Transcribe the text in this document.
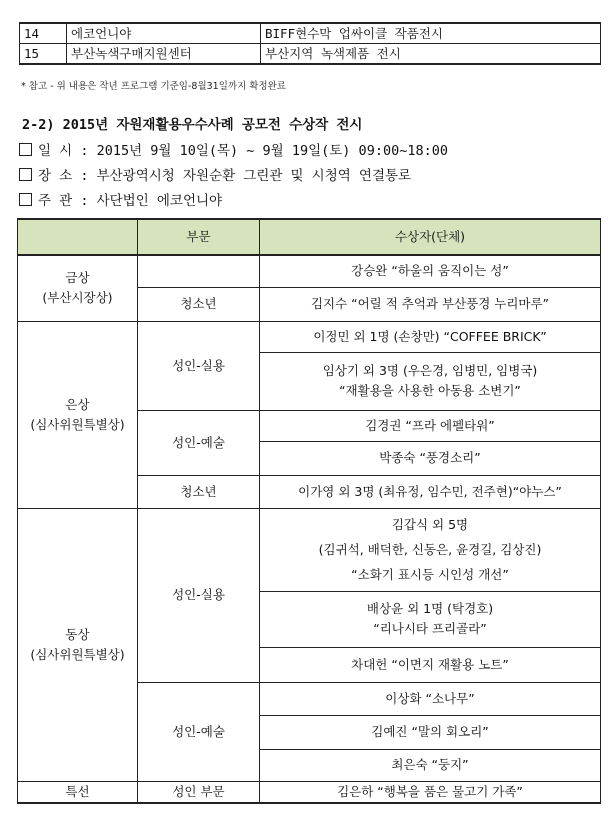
14	에코언니야	BIFF현수막 업싸이클 작품전시
15	부산녹색구매지원센터	부산지역 녹색제품 전시
* 참고 - 위 내용은 작년 프로그램 기준임-8월31일까지 확정완료
2-2) 2015년 자원재활용우수사례 공모전 수상작 전시
일 시 : 2015년 9월 10일(목) ~ 9월 19일(토) 09:00~18:00
장 소 : 부산광역시청 자원순환 그린관 및 시청역 연결통로
주 관 : 사단법인 에코언니야
	부문	수상자(단체)

금상
(부산시장상)		강승완 “하울의 움직이는 성”
	청소년	김지수 “어릴 적 추억과 부산풍경 누리마루”

은상
(심사위원특별상)	성인-실용	이정민 외 1명 (손창만) “COFFEE BRICK”

		임상기 외 3명 (우은경, 임병민, 임병국)
“재활용을 사용한 아동용 소변기”

	성인-예술	김경권 “프라 에펠타워”
		박종숙 “풍경소리”
	청소년	이가영 외 3명 (최유정, 임수민, 전주현)“야누스”

동상
(심사위원특별상)	성인-실용	김갑식 외 5명
(김귀석, 배덕한, 신동은, 윤경길, 김상진)
“소화기 표시등 시인성 개선”

		배상윤 외 1명 (탁경호)
“리나시타 프리골라”

		차대헌 “이면지 재활용 노트”
	성인-예술	이상화 “소나무”
		김예진 “말의 회오리”
		최은숙 “둥지”
특선	성인 부문	김은하 “행복을 품은 물고기 가족”
